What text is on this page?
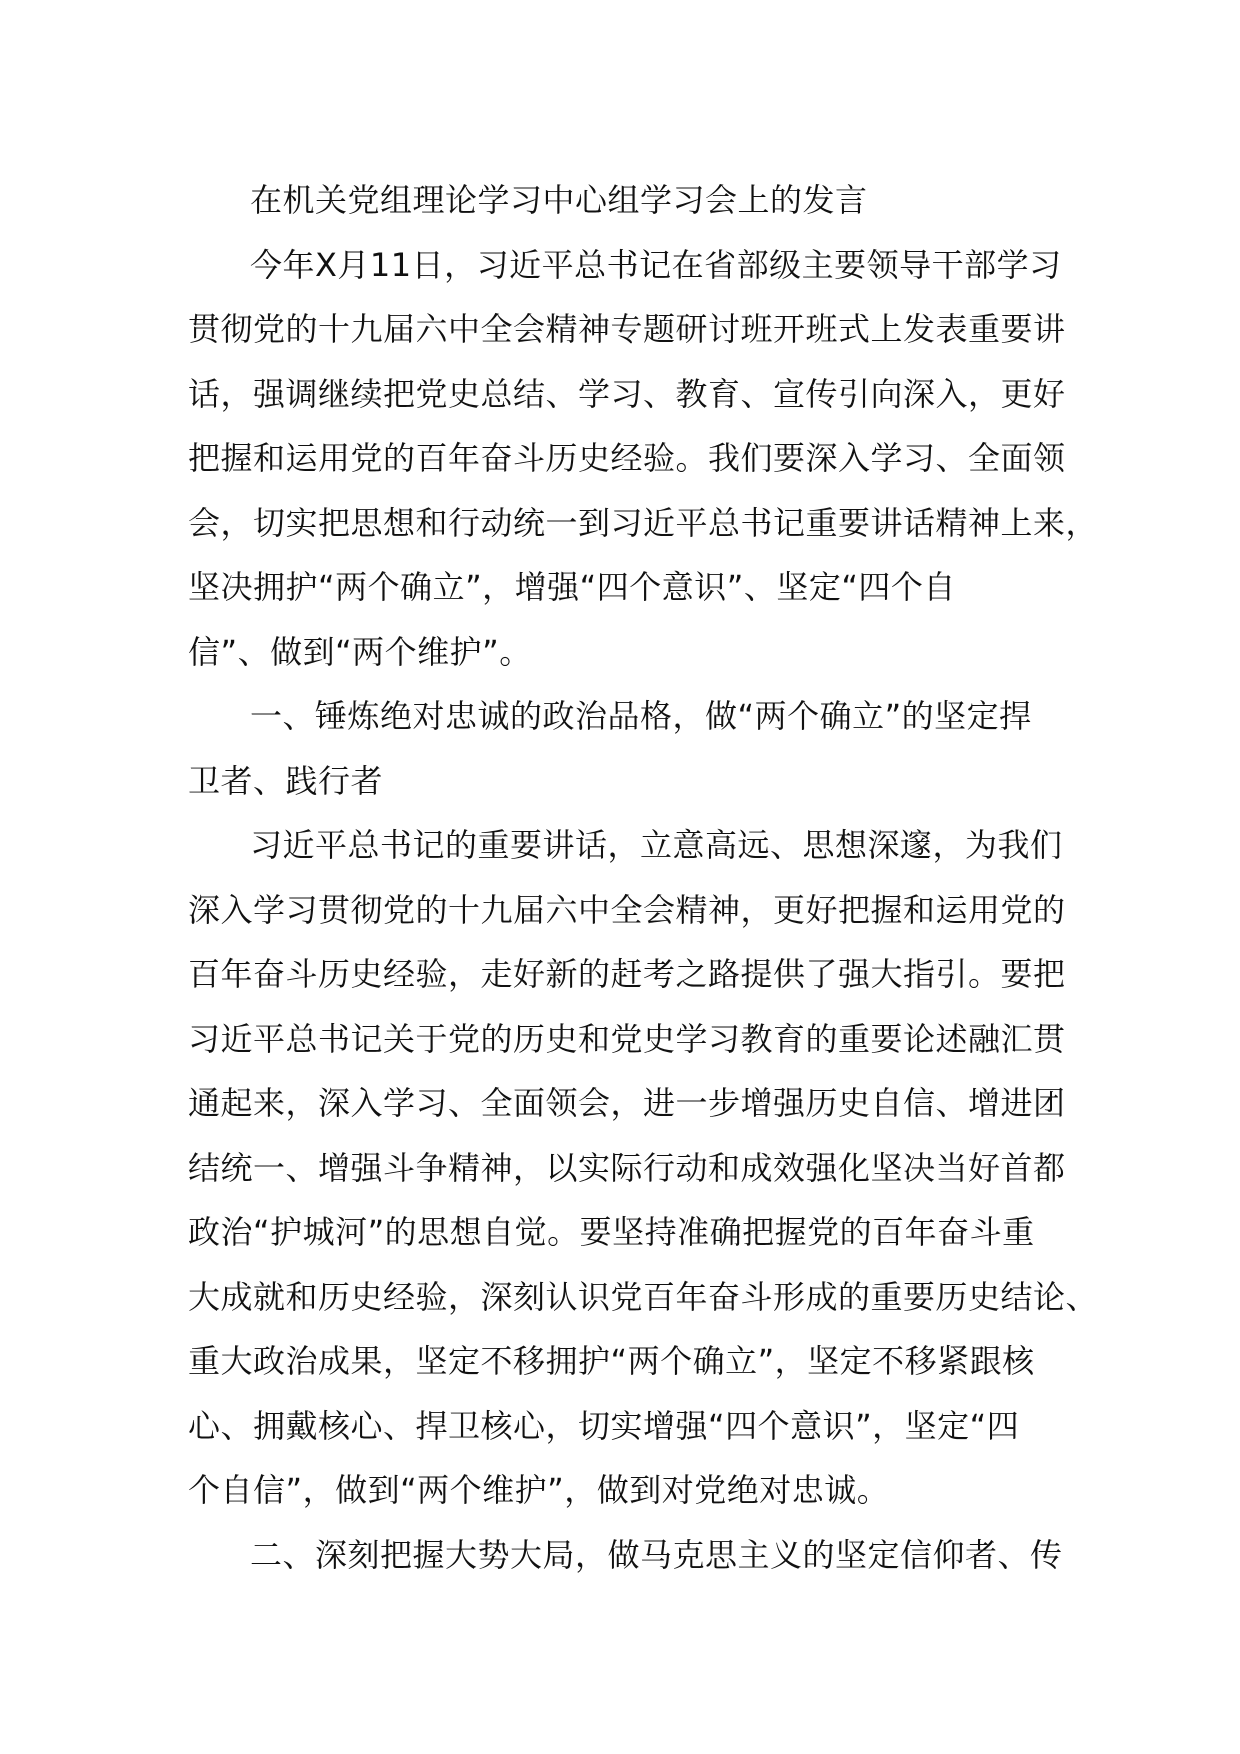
在机关党组理论学习中心组学习会上的发言
今年X月11日，习近平总书记在省部级主要领导干部学习
贯彻党的十九届六中全会精神专题研讨班开班式上发表重要讲
话，强调继续把党史总结、学习、教育、宣传引向深入，更好
把握和运用党的百年奋斗历史经验。我们要深入学习、全面领
会，切实把思想和行动统一到习近平总书记重要讲话精神上来，
坚决拥护“两个确立”，增强“四个意识”、坚定“四个自
信”、做到“两个维护”。
一、锤炼绝对忠诚的政治品格，做“两个确立”的坚定捍
卫者、践行者
习近平总书记的重要讲话，立意高远、思想深邃，为我们
深入学习贯彻党的十九届六中全会精神，更好把握和运用党的
百年奋斗历史经验，走好新的赶考之路提供了强大指引。要把
习近平总书记关于党的历史和党史学习教育的重要论述融汇贯
通起来，深入学习、全面领会，进一步增强历史自信、增进团
结统一、增强斗争精神，以实际行动和成效强化坚决当好首都
政治“护城河”的思想自觉。要坚持准确把握党的百年奋斗重
大成就和历史经验，深刻认识党百年奋斗形成的重要历史结论、
重大政治成果，坚定不移拥护“两个确立”，坚定不移紧跟核
心、拥戴核心、捍卫核心，切实增强“四个意识”，坚定“四
个自信”，做到“两个维护”，做到对党绝对忠诚。
二、深刻把握大势大局，做马克思主义的坚定信仰者、传
